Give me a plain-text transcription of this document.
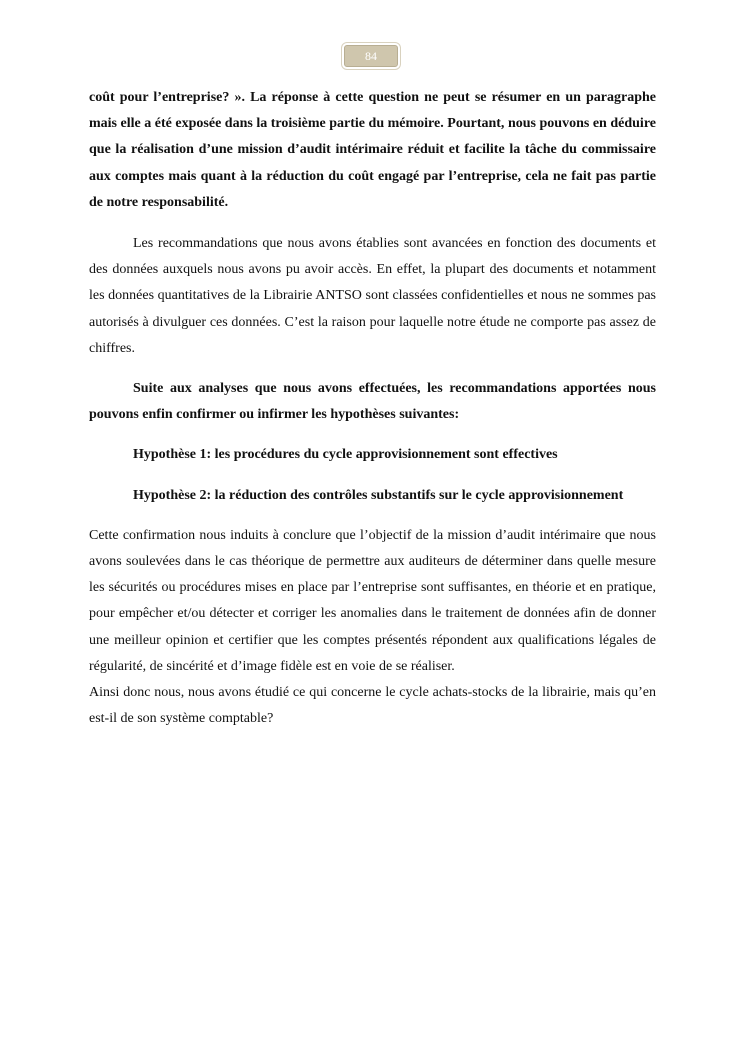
84

coût pour l’entreprise? ». La réponse à cette question ne peut se résumer en un paragraphe mais elle a été exposée dans la troisième partie du mémoire. Pourtant, nous pouvons en déduire que la réalisation d’une mission d’audit intérimaire réduit et facilite la tâche du commissaire aux comptes mais quant à la réduction du coût engagé par l’entreprise, cela ne fait pas partie de notre responsabilité.

Les recommandations que nous avons établies sont avancées en fonction des documents et des données auxquels nous avons pu avoir accès. En effet, la plupart des documents et notamment les données quantitatives de la Librairie ANTSO sont classées confidentielles et nous ne sommes pas autorisés à divulguer ces données. C’est la raison pour laquelle notre étude ne comporte pas assez de chiffres.

Suite aux analyses que nous avons effectuées, les recommandations apportées nous pouvons enfin confirmer ou infirmer les hypothèses suivantes:

Hypothèse 1: les procédures du cycle approvisionnement sont effectives

Hypothèse 2: la réduction des contrôles substantifs sur le cycle approvisionnement

Cette confirmation nous induits à conclure que l’objectif de la mission d’audit intérimaire que nous avons soulevées dans le cas théorique de permettre aux auditeurs de déterminer dans quelle mesure les sécurités ou procédures mises en place par l’entreprise sont suffisantes, en théorie et en pratique, pour empêcher et/ou détecter et corriger les anomalies dans le traitement de données afin de donner une meilleur opinion et certifier que les comptes présentés répondent aux qualifications légales de régularité, de sincérité et d’image fidèle est en voie de se réaliser.

Ainsi donc nous, nous avons étudié ce qui concerne le cycle achats-stocks de la librairie, mais qu’en est-il de son système comptable?
